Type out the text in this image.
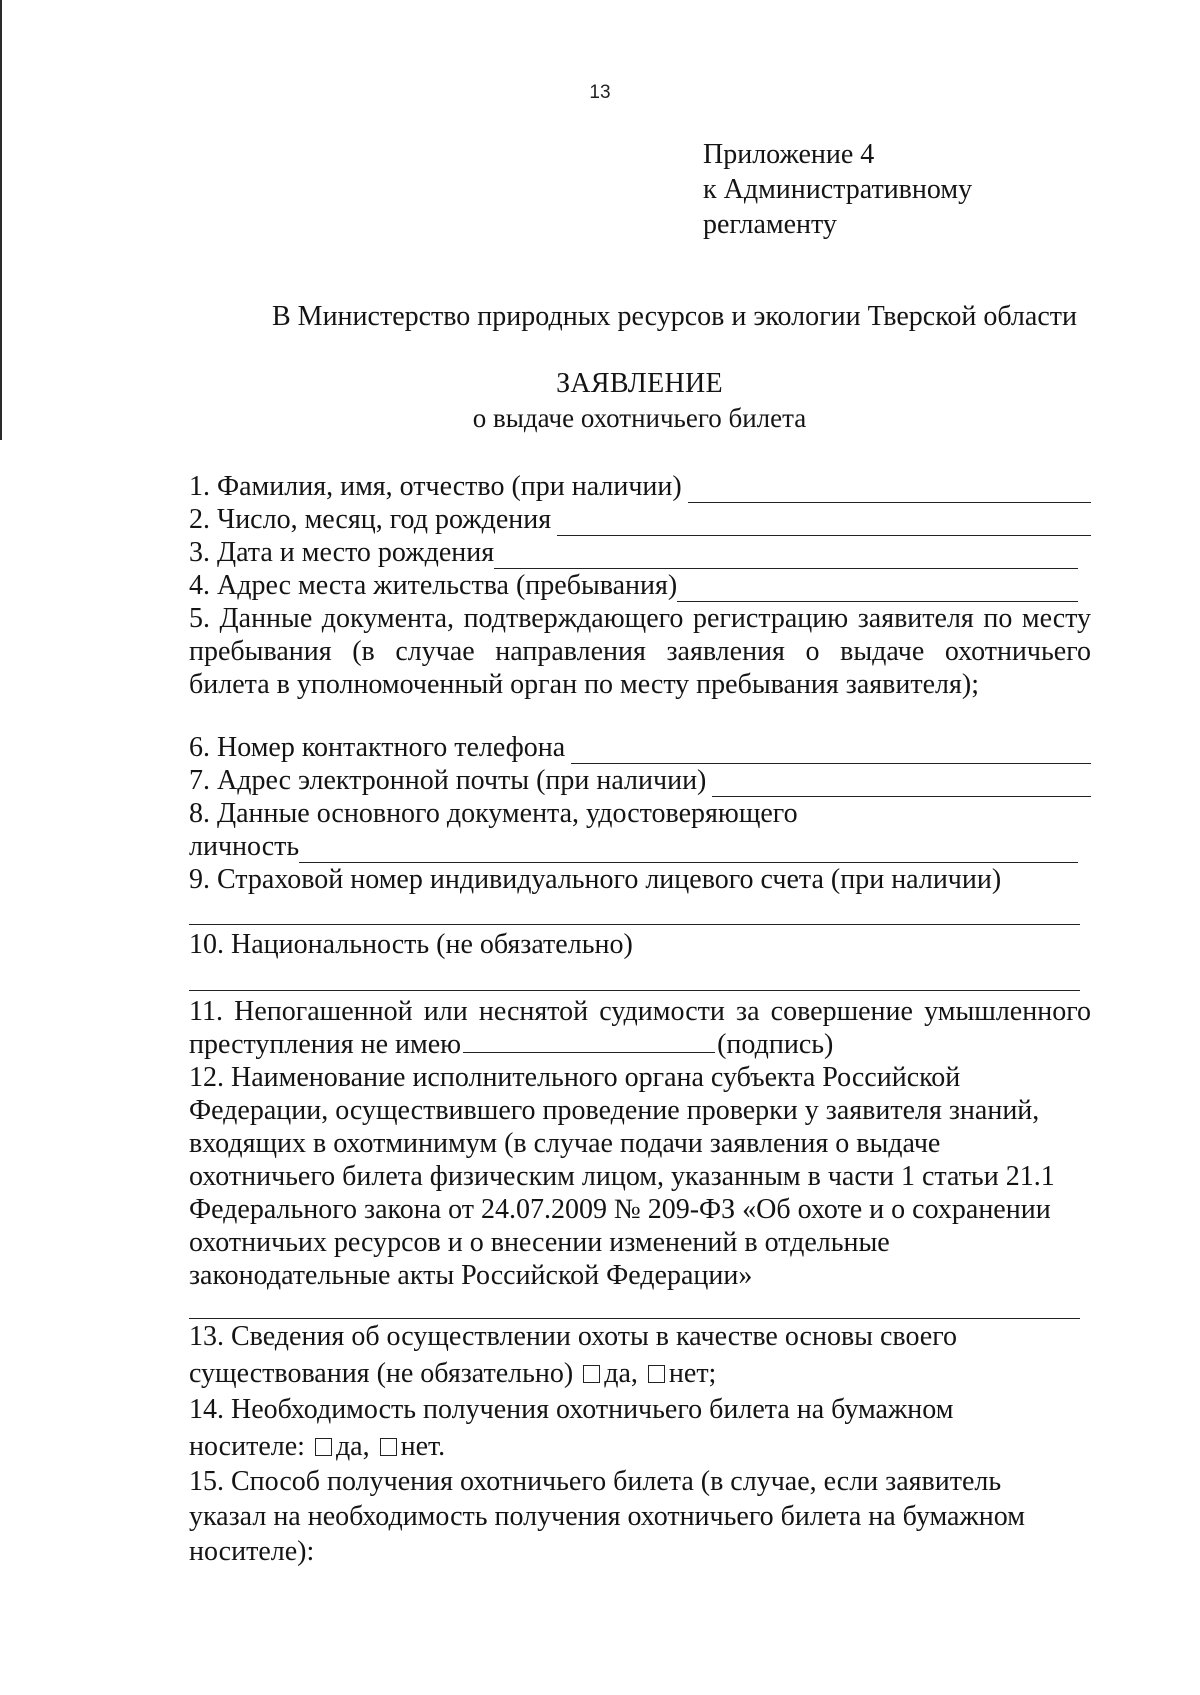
13
Приложение 4
к Административному
регламенту
В Министерство природных ресурсов и экологии Тверской области
ЗАЯВЛЕНИЕ
о выдаче охотничьего билета
1. Фамилия, имя, отчество (при наличии)
2. Число, месяц, год рождения
3. Дата и место рождения
4. Адрес места жительства (пребывания)
5. Данные документа, подтверждающего регистрацию заявителя по месту
пребывания (в случае направления заявления о выдаче охотничьего
билета в уполномоченный орган по месту пребывания заявителя);
6. Номер контактного телефона
7. Адрес электронной почты (при наличии)
8. Данные основного документа, удостоверяющего
личность
9. Страховой номер индивидуального лицевого счета (при наличии)
10. Национальность (не обязательно)
11. Непогашенной или неснятой судимости за совершение умышленного
преступления не имею	(подпись)
12. Наименование исполнительного органа субъекта Российской
Федерации, осуществившего проведение проверки у заявителя знаний,
входящих в охотминимум (в случае подачи заявления о выдаче
охотничьего билета физическим лицом, указанным в части 1 статьи 21.1
Федерального закона от 24.07.2009 № 209-ФЗ «Об охоте и о сохранении
охотничьих ресурсов и о внесении изменений в отдельные
законодательные акты Российской Федерации»
13. Сведения об осуществлении охоты в качестве основы своего
существования (не обязательно) да, нет;
14. Необходимость получения охотничьего билета на бумажном
носителе: да, нет.
15. Способ получения охотничьего билета (в случае, если заявитель
указал на необходимость получения охотничьего билета на бумажном
носителе):
